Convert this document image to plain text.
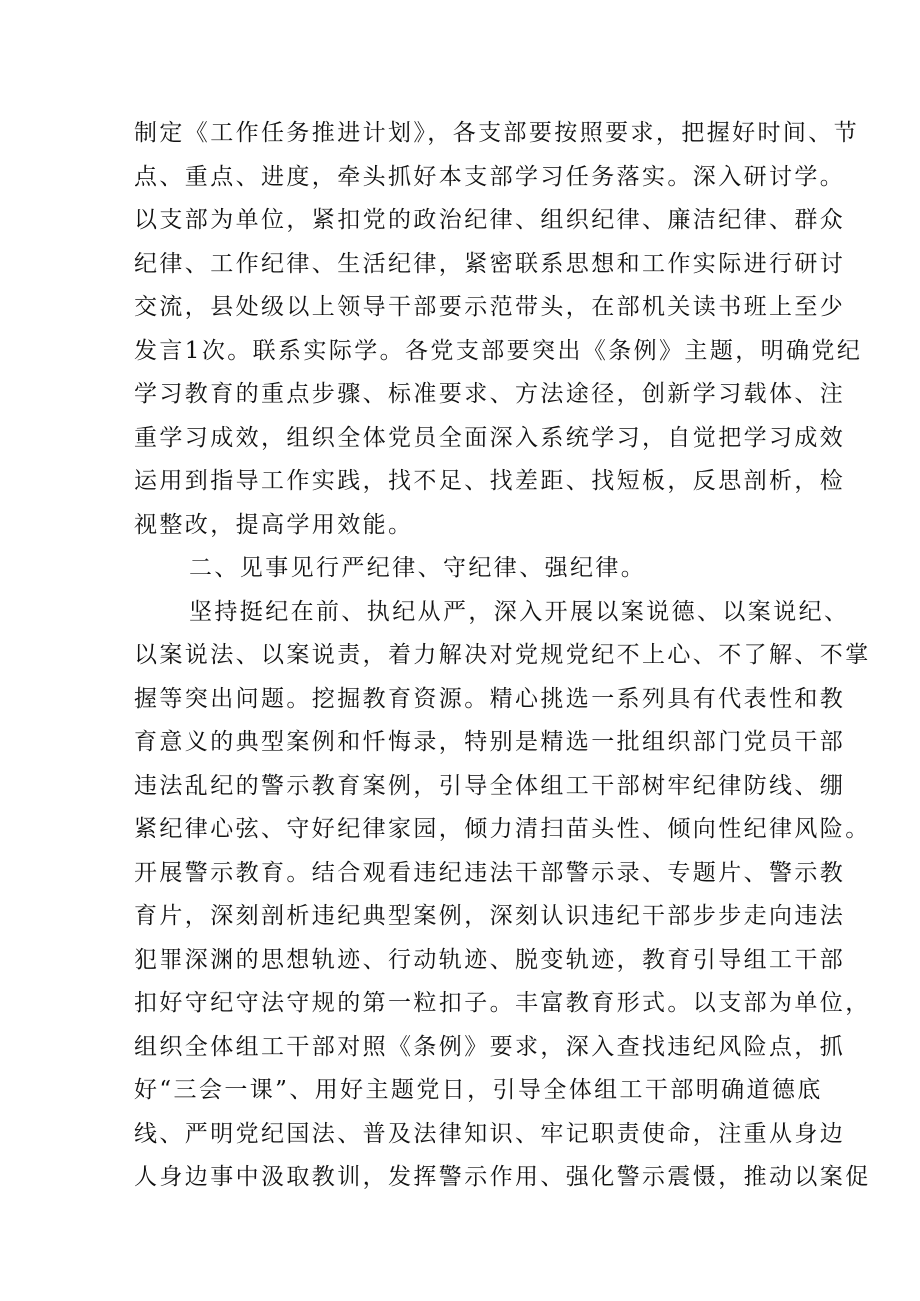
制定《工作任务推进计划》，各支部要按照要求，把握好时间、节
点、重点、进度，牵头抓好本支部学习任务落实。深入研讨学。
以支部为单位，紧扣党的政治纪律、组织纪律、廉洁纪律、群众
纪律、工作纪律、生活纪律，紧密联系思想和工作实际进行研讨
交流，县处级以上领导干部要示范带头，在部机关读书班上至少
发言1次。联系实际学。各党支部要突出《条例》主题，明确党纪
学习教育的重点步骤、标准要求、方法途径，创新学习载体、注
重学习成效，组织全体党员全面深入系统学习，自觉把学习成效
运用到指导工作实践，找不足、找差距、找短板，反思剖析，检
视整改，提高学用效能。
二、见事见行严纪律、守纪律、强纪律。
坚持挺纪在前、执纪从严，深入开展以案说德、以案说纪、
以案说法、以案说责，着力解决对党规党纪不上心、不了解、不掌
握等突出问题。挖掘教育资源。精心挑选一系列具有代表性和教
育意义的典型案例和忏悔录，特别是精选一批组织部门党员干部
违法乱纪的警示教育案例，引导全体组工干部树牢纪律防线、绷
紧纪律心弦、守好纪律家园，倾力清扫苗头性、倾向性纪律风险。
开展警示教育。结合观看违纪违法干部警示录、专题片、警示教
育片，深刻剖析违纪典型案例，深刻认识违纪干部步步走向违法
犯罪深渊的思想轨迹、行动轨迹、脱变轨迹，教育引导组工干部
扣好守纪守法守规的第一粒扣子。丰富教育形式。以支部为单位，
组织全体组工干部对照《条例》要求，深入查找违纪风险点，抓
好“三会一课”、用好主题党日，引导全体组工干部明确道德底
线、严明党纪国法、普及法律知识、牢记职责使命，注重从身边
人身边事中汲取教训，发挥警示作用、强化警示震慑，推动以案促
